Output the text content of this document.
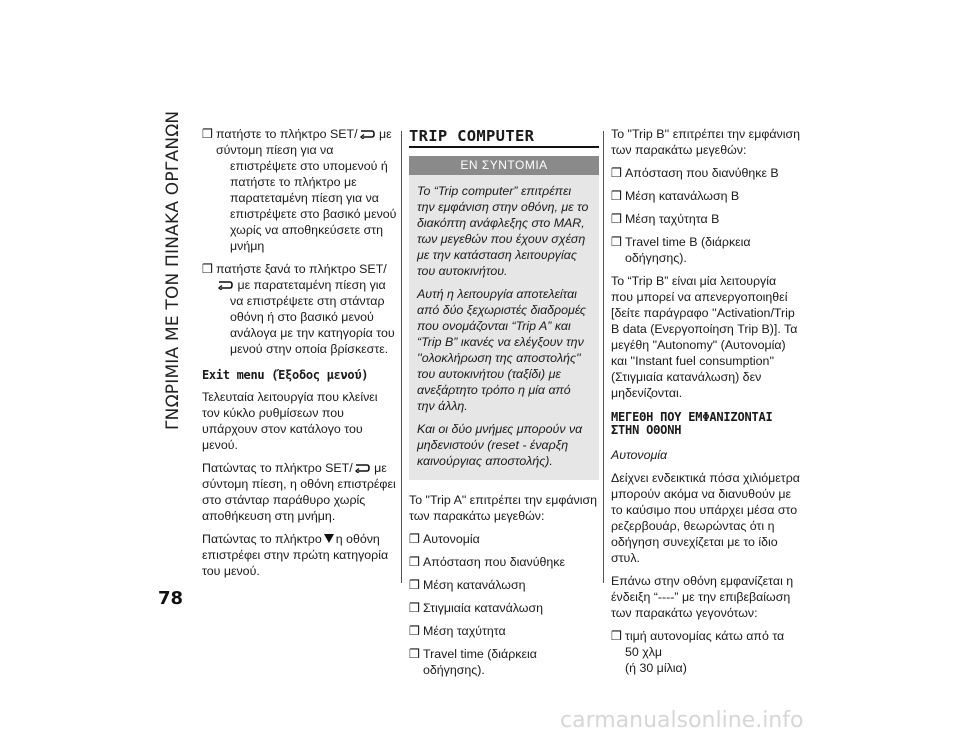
ΓΝΩΡΙΜΙΑ ΜΕ ΤΟΝ ΠΙΝΑΚΑ ΟΡΓΑΝΩΝ
78
❒ πατήστε το πλήκτρο SET/ με
σύντομη πίεση για να επιστρέψετε στο υπομενού ή πατήστε το πλήκτρο με παρατεταμένη πίεση για να επιστρέψετε στο βασικό μενού χωρίς να αποθηκεύσετε στη μνήμη
❒ πατήστε ξανά το πλήκτρο SET/
με παρατεταμένη πίεση για να επιστρέψετε στη στάνταρ οθόνη ή στο βασικό μενού ανάλογα με την κατηγορία του μενού στην οποία βρίσκεστε.
Exit menu (Έξοδος μενού)

Τελευταία λειτουργία που κλείνει τον κύκλο ρυθμίσεων που υπάρχουν στον κατάλογο του μενού.

Πατώντας το πλήκτρο SET/ με σύντομη πίεση, η οθόνη επιστρέφει στο στάνταρ παράθυρο χωρίς αποθήκευση στη μνήμη.

Πατώντας το πλήκτρο η οθόνη επιστρέφει στην πρώτη κατηγορία του μενού.

TRIP COMPUTER
ΕΝ ΣΥΝΤΟΜΙΑ

Το “Trip computer” επιτρέπει την εμφάνιση στην οθόνη, με το διακόπτη ανάφλεξης στο MAR, των μεγεθών που έχουν σχέση με την κατάσταση λειτουργίας του αυτοκινήτου.

Αυτή η λειτουργία αποτελείται από δύο ξεχωριστές διαδρομές που ονομάζονται “Trip A” και “Trip B” ικανές να ελέγξουν την ''ολοκλήρωση της αποστολής'' του αυτοκινήτου (ταξίδι) με ανεξάρτητο τρόπο η μία από την άλλη.

Και οι δύο μνήμες μπορούν να μηδενιστούν (reset - έναρξη καινούργιας αποστολής).

Το "Trip A" επιτρέπει την εμφάνιση των παρακάτω μεγεθών:

❒ Αυτονομία
❒ Απόσταση που διανύθηκε
❒ Μέση κατανάλωση
❒ Στιγμιαία κατανάλωση
❒ Μέση ταχύτητα
❒ Travel time (διάρκεια οδήγησης).

Το "Trip B'' επιτρέπει την εμφάνιση των παρακάτω μεγεθών:

❒ Απόσταση που διανύθηκε B
❒ Μέση κατανάλωση B
❒ Μέση ταχύτητα B
❒ Travel time B (διάρκεια οδήγησης).

Το “Trip B” είναι μία λειτουργία που μπορεί να απενεργοποιηθεί [δείτε παράγραφο ''Activation/Trip B data (Ενεργοποίηση Trip B)]. Τα μεγέθη "Autonomy" (Αυτονομία) και ''Instant fuel consumption'' (Στιγμιαία κατανάλωση) δεν μηδενίζονται.

ΜΕΓΕΘΗ ΠΟΥ ΕΜΦΑΝΙΖΟΝΤΑΙ
ΣΤΗΝ ΟΘΟΝΗ

Αυτονομία

Δείχνει ενδεικτικά πόσα χιλιόμετρα μπορούν ακόμα να διανυθούν με το καύσιμο που υπάρχει μέσα στο ρεζερβουάρ, θεωρώντας ότι η οδήγηση συνεχίζεται με το ίδιο στυλ.

Επάνω στην οθόνη εμφανίζεται η ένδειξη “----” με την επιβεβαίωση των παρακάτω γεγονότων:

❒ τιμή αυτονομίας κάτω από τα 50 χλμ
(ή 30 μίλια)
carmanualsonline.info
